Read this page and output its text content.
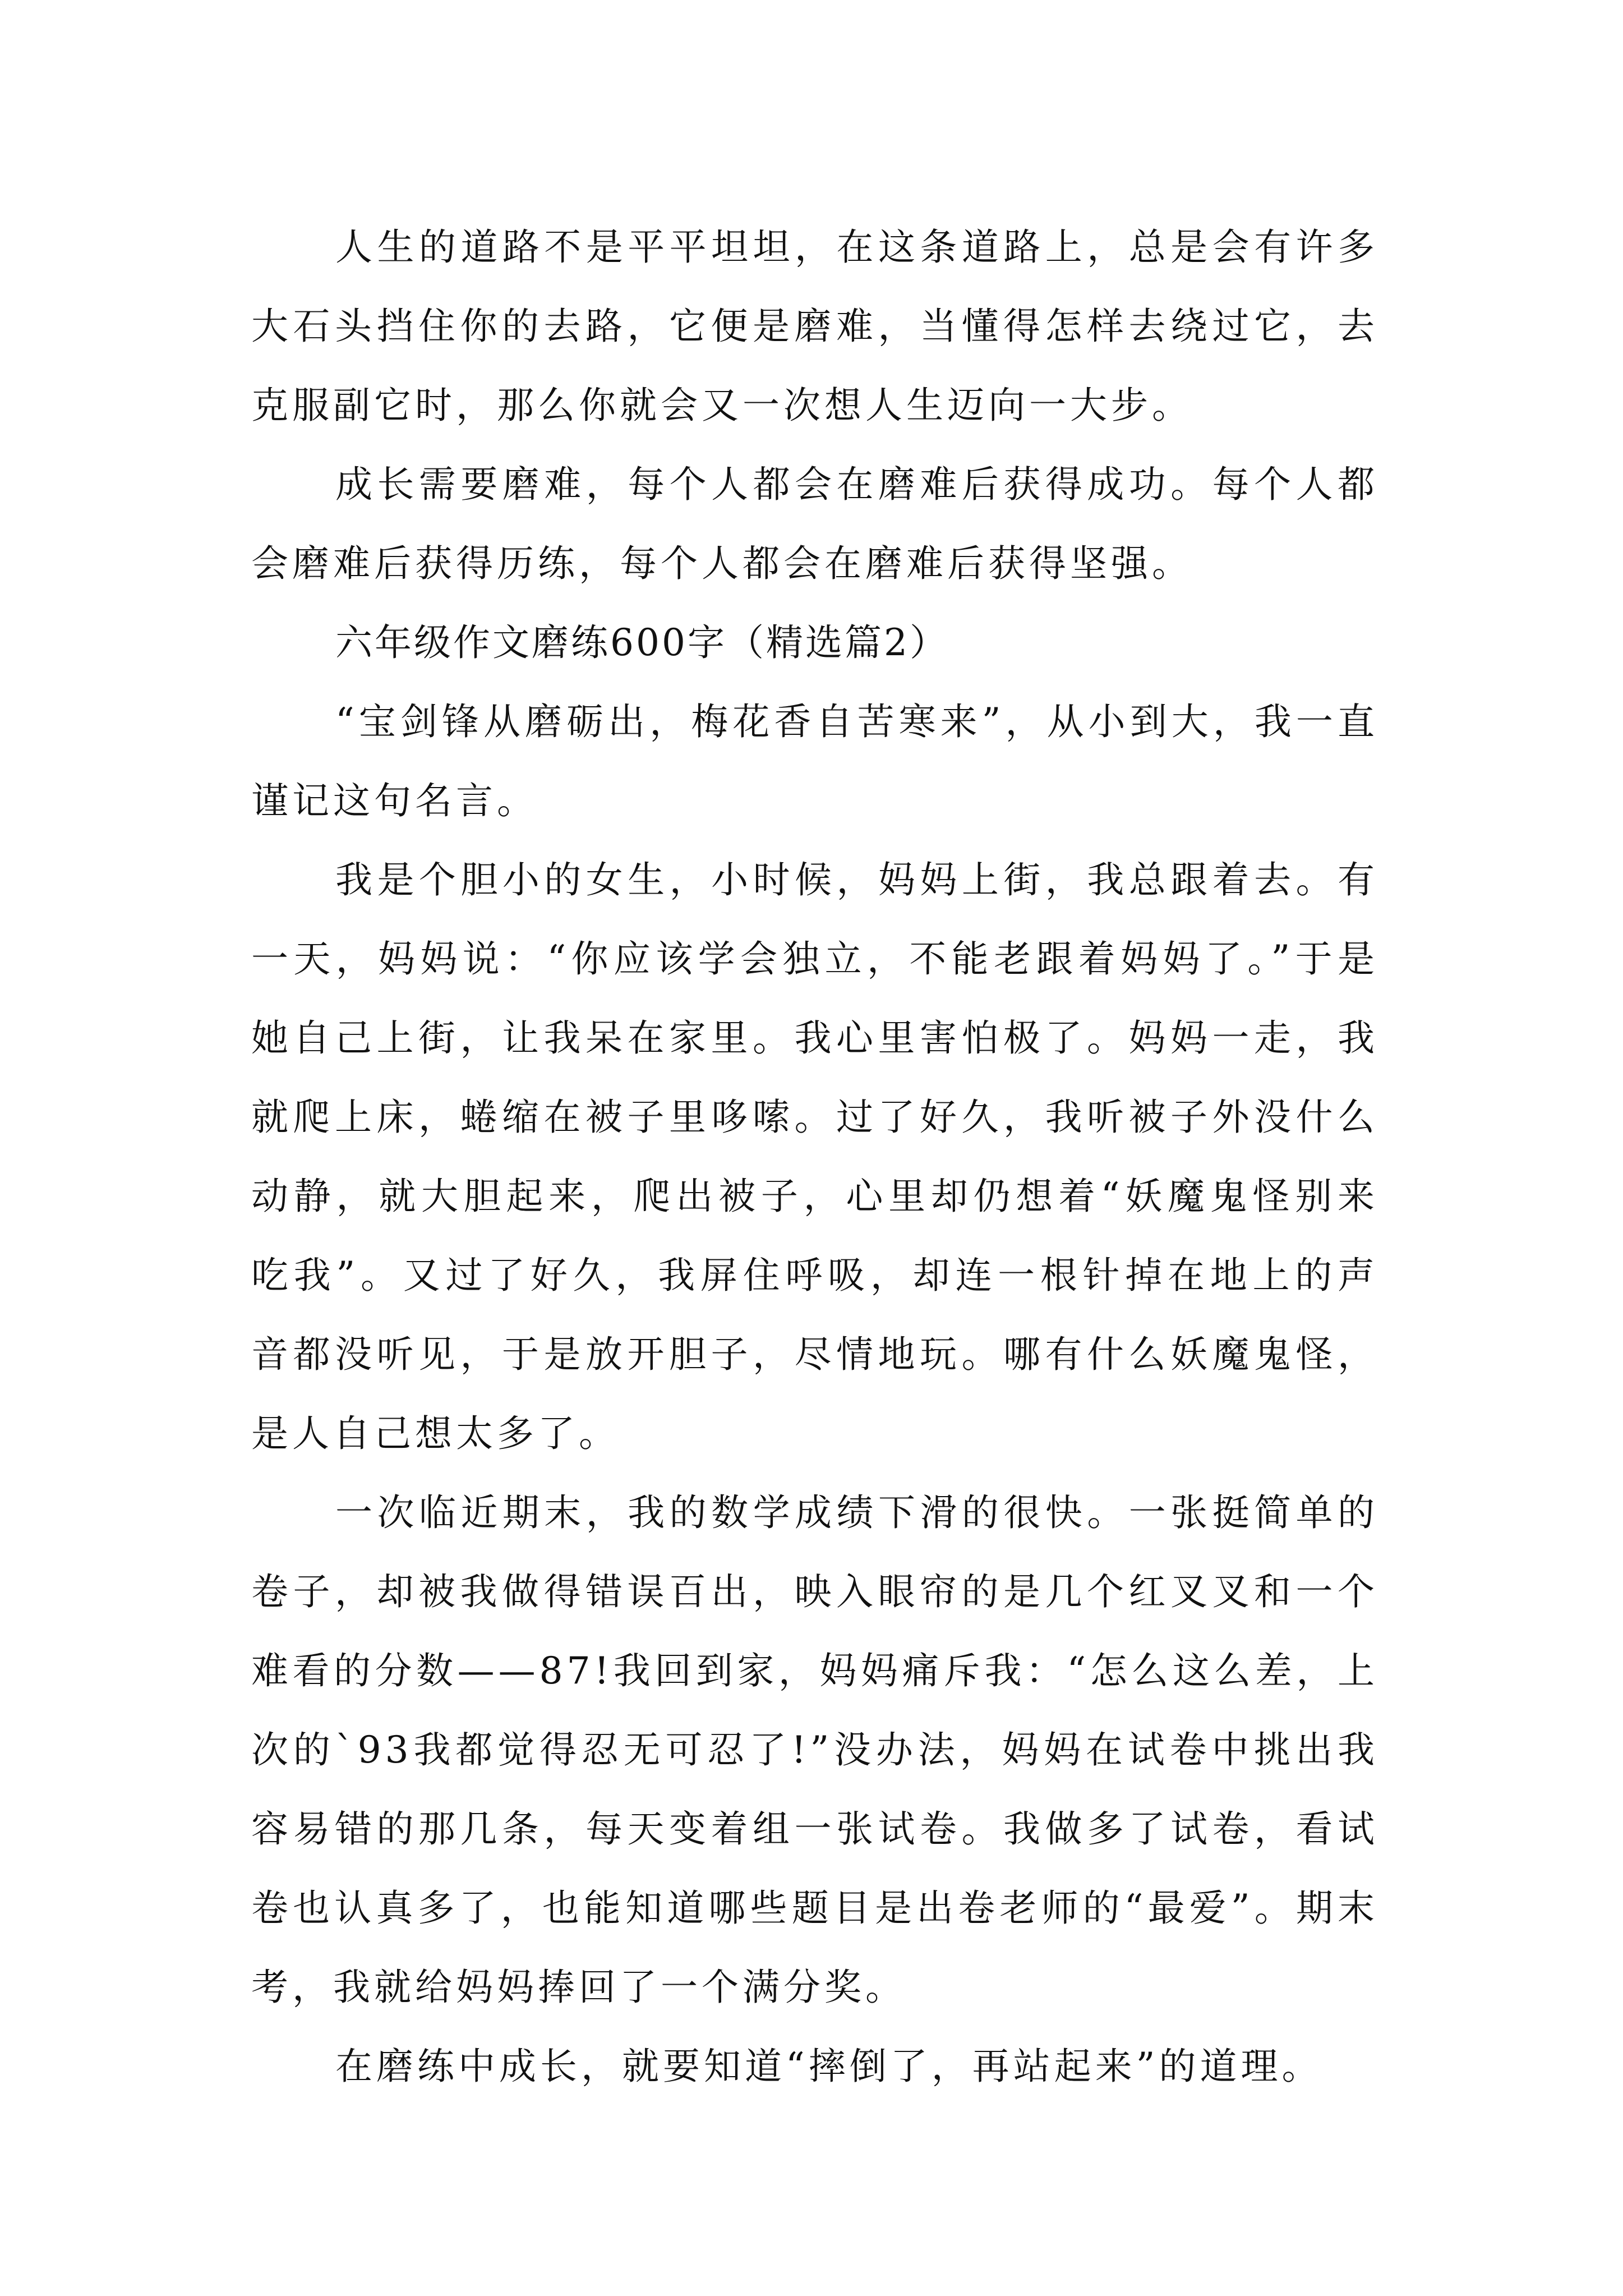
人生的道路不是平平坦坦，在这条道路上，总是会有许多大石头挡住你的去路，它便是磨难，当懂得怎样去绕过它，去克服副它时，那么你就会又一次想人生迈向一大步。

成长需要磨难，每个人都会在磨难后获得成功。每个人都会磨难后获得历练，每个人都会在磨难后获得坚强。

六年级作文磨练600字（精选篇2）

“宝剑锋从磨砺出，梅花香自苦寒来”，从小到大，我一直谨记这句名言。

我是个胆小的女生，小时候，妈妈上街，我总跟着去。有一天，妈妈说：“你应该学会独立，不能老跟着妈妈了。”于是她自己上街，让我呆在家里。我心里害怕极了。妈妈一走，我就爬上床，蜷缩在被子里哆嗦。过了好久，我听被子外没什么动静，就大胆起来，爬出被子，心里却仍想着“妖魔鬼怪别来吃我”。又过了好久，我屏住呼吸，却连一根针掉在地上的声音都没听见，于是放开胆子，尽情地玩。哪有什么妖魔鬼怪，是人自己想太多了。

一次临近期末，我的数学成绩下滑的很快。一张挺简单的卷子，却被我做得错误百出，映入眼帘的是几个红叉叉和一个难看的分数——87!我回到家，妈妈痛斥我：“怎么这么差，上次的`93我都觉得忍无可忍了!”没办法，妈妈在试卷中挑出我容易错的那几条，每天变着组一张试卷。我做多了试卷，看试卷也认真多了，也能知道哪些题目是出卷老师的“最爱”。期末考，我就给妈妈捧回了一个满分奖。

在磨练中成长，就要知道“摔倒了，再站起来”的道理。
